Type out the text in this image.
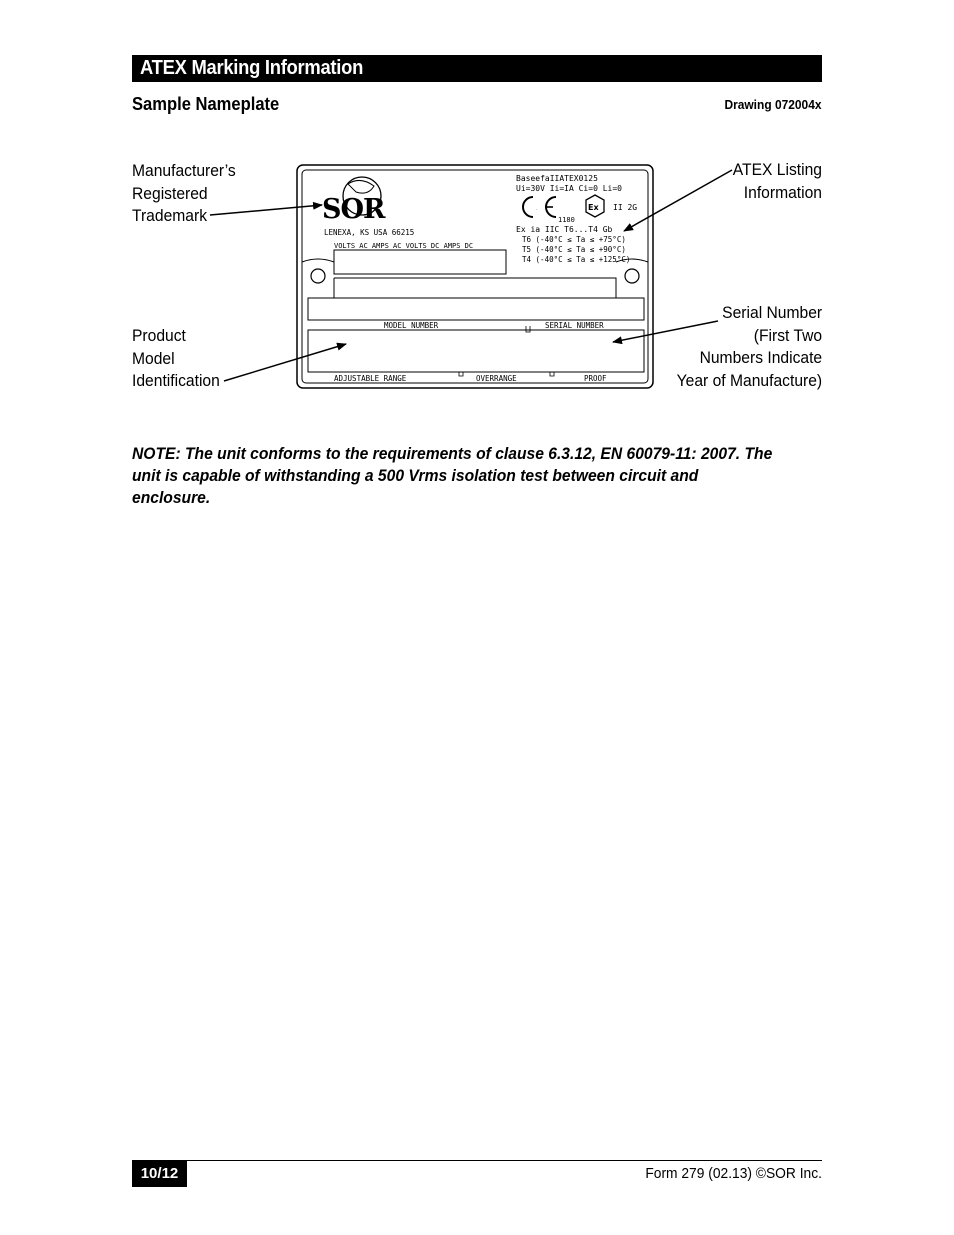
ATEX Marking Information
Sample Nameplate	Drawing 072004x
Manufacturer’s
Registered
Trademark
Product
Model
Identification
ATEX Listing
Information
Serial Number
(First Two
Numbers Indicate
Year of Manufacture)
SOR
LENEXA, KS USA 66215
VOLTS AC AMPS AC VOLTS DC AMPS DC
BaseefaIIATEX0125
Ui=30V Ii=IA Ci=0 Li=0
CE
1180
Ex II 2G
Ex ia IIC T6...T4 Gb
T6 (-40°C ≤ Ta ≤ +75°C)
T5 (-40°C ≤ Ta ≤ +90°C)
T4 (-40°C ≤ Ta ≤ +125°C)
MODEL NUMBER	SERIAL NUMBER
ADJUSTABLE RANGE	OVERRANGE	PROOF
NOTE: The unit conforms to the requirements of clause 6.3.12, EN 60079-11: 2007. The unit is capable of withstanding a 500 Vrms isolation test between circuit and enclosure.
10/12	Form 279 (02.13) ©SOR Inc.
